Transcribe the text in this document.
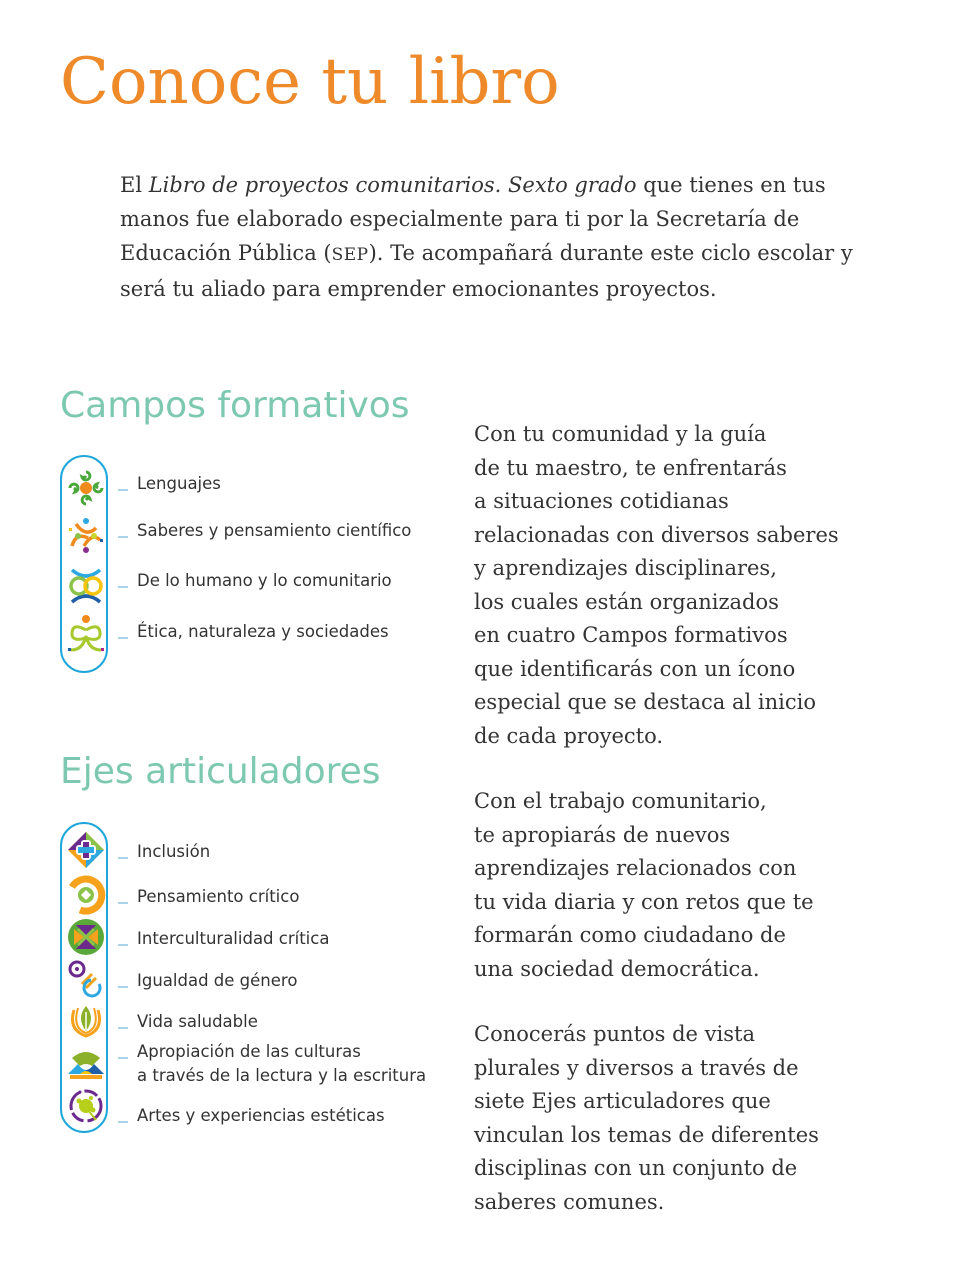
Conoce tu libro

El Libro de proyectos comunitarios. Sexto grado que tienes en tus manos fue elaborado especialmente para ti por la Secretaría de Educación Pública (SEP). Te acompañará durante este ciclo escolar y será tu aliado para emprender emocionantes proyectos.

Campos formativos
Lenguajes
Saberes y pensamiento científico
De lo humano y lo comunitario
Ética, naturaleza y sociedades
Ejes articuladores
Inclusión
Pensamiento crítico
Interculturalidad crítica
Igualdad de género
Vida saludable
Apropiación de las culturas
a través de la lectura y la escritura
Artes y experiencias estéticas

Con tu comunidad y la guía

de tu maestro, te enfrentarás

a situaciones cotidianas

relacionadas con diversos saberes

y aprendizajes disciplinares,

los cuales están organizados

en cuatro Campos formativos

que identificarás con un ícono

especial que se destaca al inicio

de cada proyecto.

Con el trabajo comunitario,

te apropiarás de nuevos

aprendizajes relacionados con

tu vida diaria y con retos que te

formarán como ciudadano de

una sociedad democrática.

Conocerás puntos de vista

plurales y diversos a través de

siete Ejes articuladores que

vinculan los temas de diferentes

disciplinas con un conjunto de

saberes comunes.
